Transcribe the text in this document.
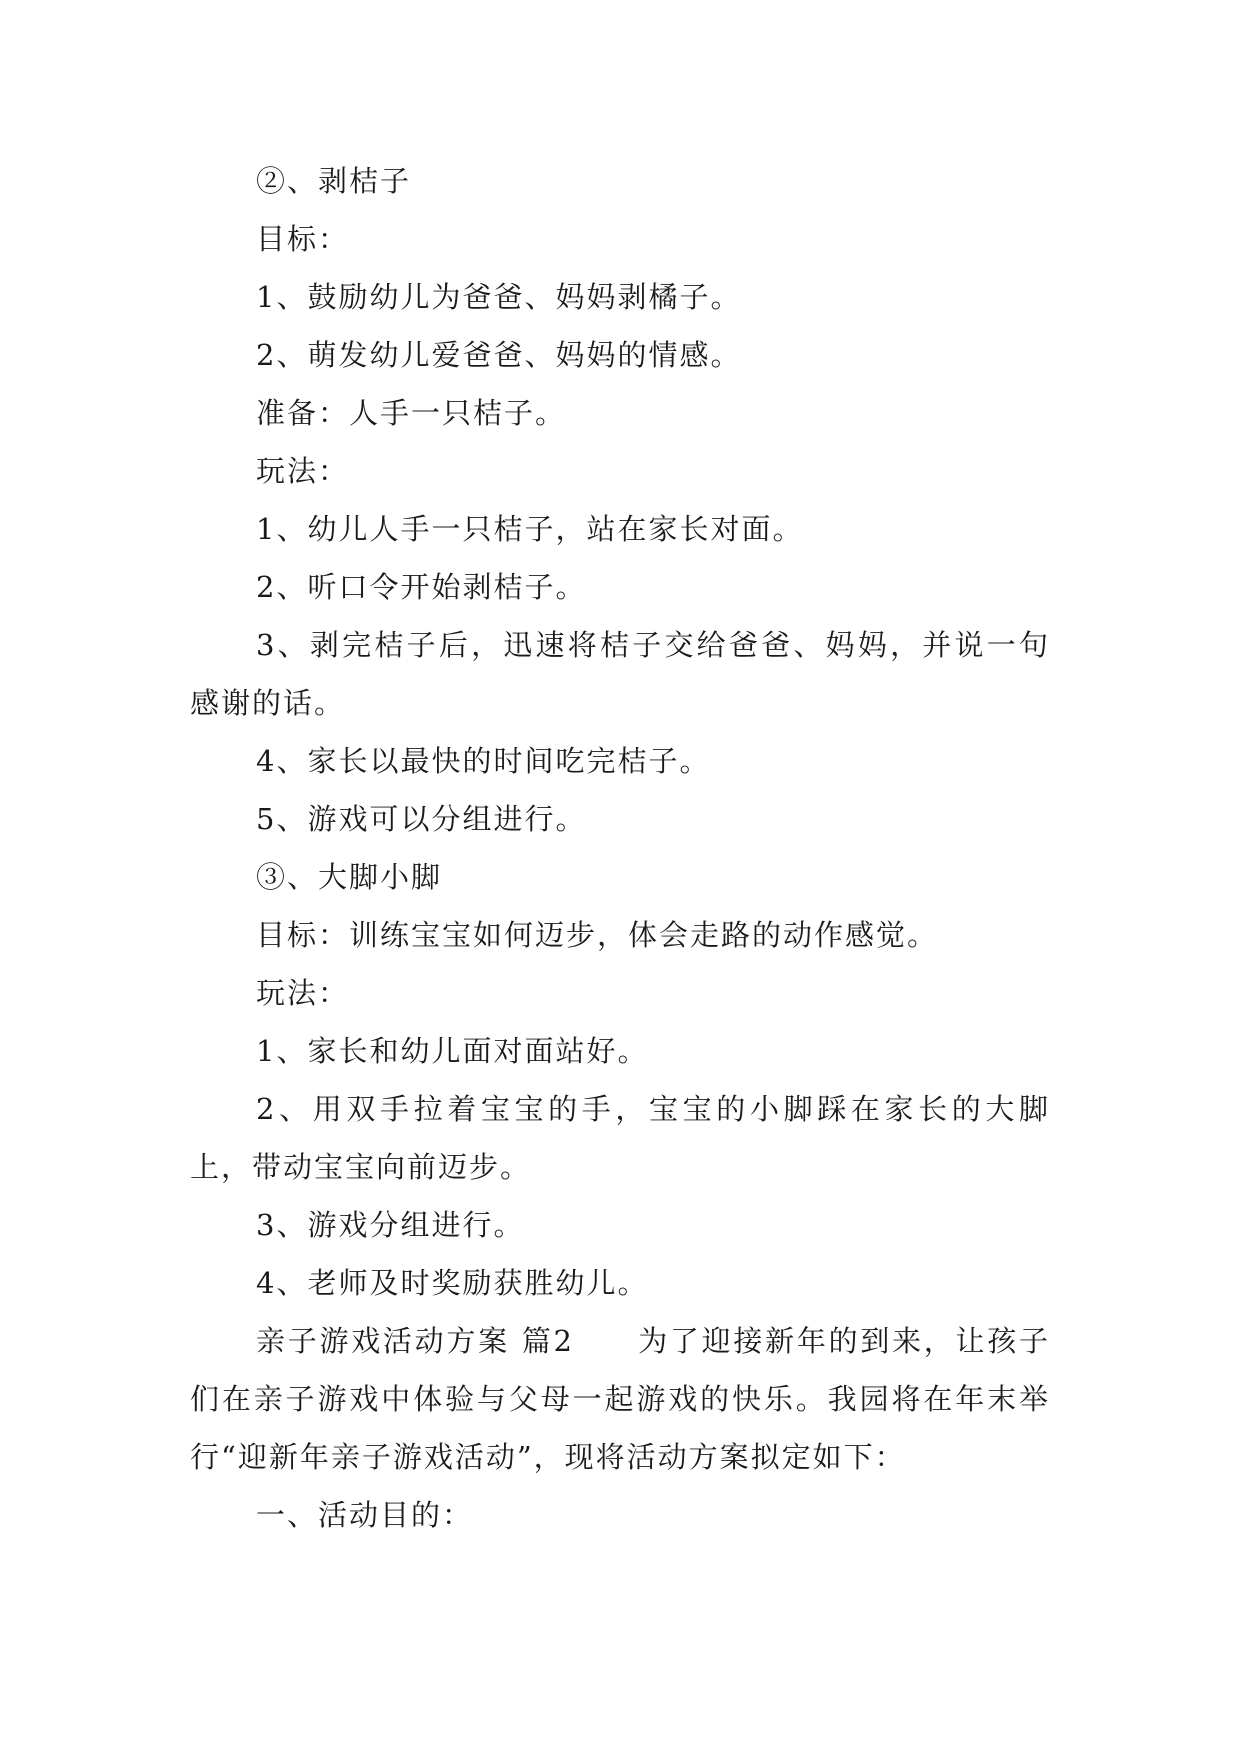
②、剥桔子

目标：

1、鼓励幼儿为爸爸、妈妈剥橘子。

2、萌发幼儿爱爸爸、妈妈的情感。

准备：人手一只桔子。

玩法：

1、幼儿人手一只桔子，站在家长对面。

2、听口令开始剥桔子。

3、剥完桔子后，迅速将桔子交给爸爸、妈妈，并说一句感谢的话。

4、家长以最快的时间吃完桔子。

5、游戏可以分组进行。

③、大脚小脚

目标：训练宝宝如何迈步，体会走路的动作感觉。

玩法：

1、家长和幼儿面对面站好。

2、用双手拉着宝宝的手，宝宝的小脚踩在家长的大脚上，带动宝宝向前迈步。

3、游戏分组进行。

4、老师及时奖励获胜幼儿。

亲子游戏活动方案 篇2　　为了迎接新年的到来，让孩子们在亲子游戏中体验与父母一起游戏的快乐。我园将在年末举行“迎新年亲子游戏活动”，现将活动方案拟定如下：

一、活动目的：
